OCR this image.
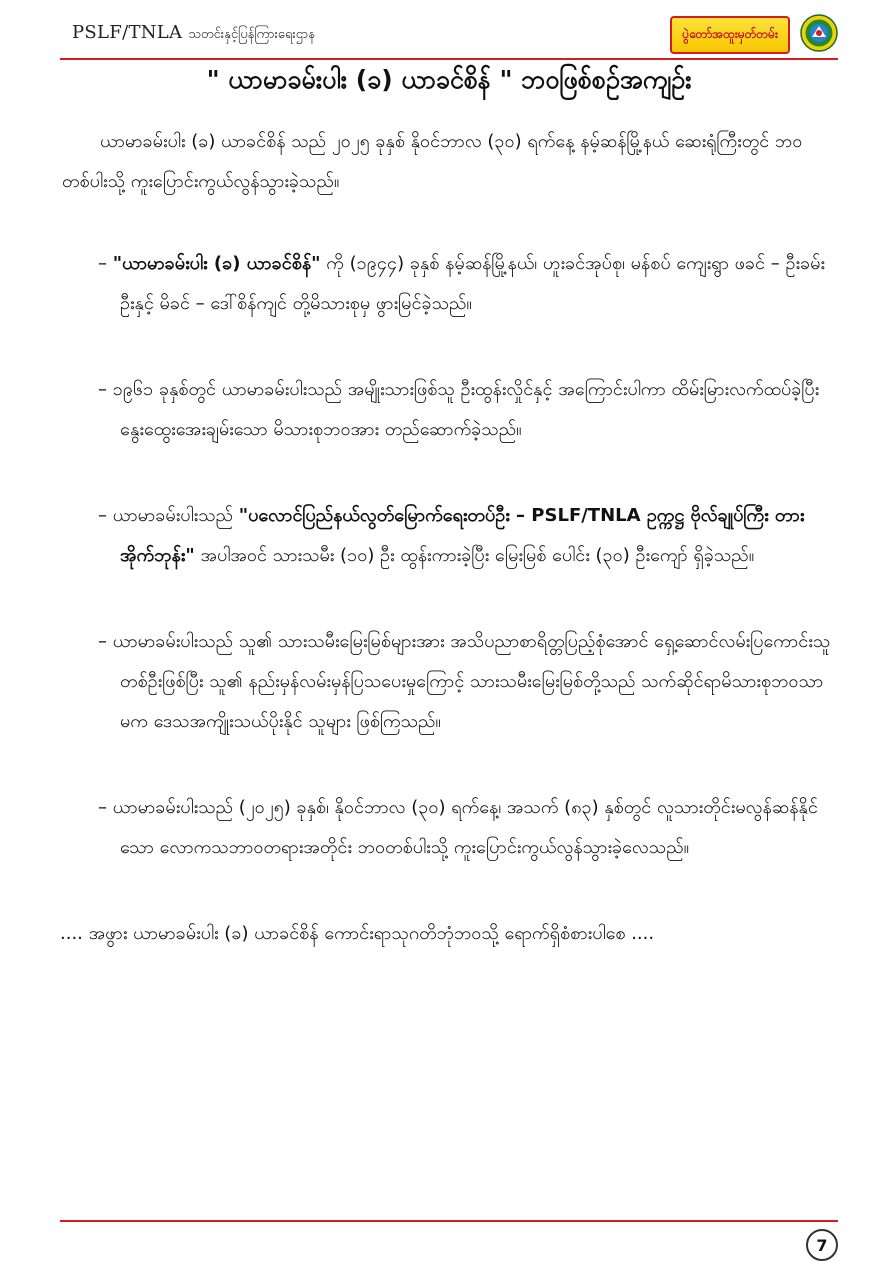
PSLF/TNLA သတင်းနှင့်ပြန်ကြားရေးဌာန	ပွဲတော်အထူးမှတ်တမ်း
" ယာမာခမ်းပါး (ခ) ယာခင်စိန် " ဘဝဖြစ်စဉ်အကျဉ်း

ယာမာခမ်းပါး (ခ) ယာခင်စိန် သည် ၂၀၂၅ ခုနှစ် နိုဝင်ဘာလ (၃၀) ရက်နေ့ နမ့်ဆန်မြို့နယ် ဆေးရုံကြီးတွင် ဘဝတစ်ပါးသို့ ကူးပြောင်းကွယ်လွန်သွားခဲ့သည်။

– "ယာမာခမ်းပါး (ခ) ယာခင်စိန်" ကို (၁၉၄၄) ခုနှစ် နမ့်ဆန်မြို့နယ်၊ ဟူးခင်အုပ်စု၊ မန်စပ် ကျေးရွာ ဖခင် – ဦးခမ်းဦးနှင့် မိခင် – ဒေါ်စိန်ကျင် တို့မိသားစုမှ ဖွားမြင်ခဲ့သည်။

– ၁၉၆၁ ခုနှစ်တွင် ယာမာခမ်းပါးသည် အမျိုးသားဖြစ်သူ ဦးထွန်းလှိုင်နှင့် အကြောင်းပါကာ ထိမ်းမြားလက်ထပ်ခဲ့ပြီး နွေးထွေးအေးချမ်းသော မိသားစုဘဝအား တည်ဆောက်ခဲ့သည်။

– ယာမာခမ်းပါးသည် "ပလောင်ပြည်နယ်လွတ်မြောက်ရေးတပ်ဦး – PSLF/TNLA ဥက္ကဋ္ဌ ဗိုလ်ချုပ်ကြီး တားအိုက်ဘုန်း" အပါအဝင် သားသမီး (၁၀) ဦး ထွန်းကားခဲ့ပြီး မြေးမြစ် ပေါင်း (၃၀) ဦးကျော် ရှိခဲ့သည်။

– ယာမာခမ်းပါးသည် သူ၏ သားသမီးမြေးမြစ်များအား အသိပညာစာရိတ္တပြည့်စုံအောင် ရှေ့ဆောင်လမ်းပြကောင်းသူတစ်ဦးဖြစ်ပြီး သူ၏ နည်းမှန်လမ်းမှန်ပြသပေးမှုကြောင့် သားသမီးမြေးမြစ်တို့သည် သက်ဆိုင်ရာမိသားစုဘဝသာမက ဒေသအကျိုးသယ်ပိုးနိုင် သူများ ဖြစ်ကြသည်။

– ယာမာခမ်းပါးသည် (၂၀၂၅) ခုနှစ်၊ နိုဝင်ဘာလ (၃၀) ရက်နေ့၊ အသက် (၈၃) နှစ်တွင် လူသားတိုင်းမလွန်ဆန်နိုင်သော လောကသဘာဝတရားအတိုင်း ဘဝတစ်ပါးသို့ ကူးပြောင်းကွယ်လွန်သွားခဲ့လေသည်။

.... အဖွား ယာမာခမ်းပါး (ခ) ယာခင်စိန် ကောင်းရာသုဂတိဘုံဘဝသို့ ရောက်ရှိစံစားပါစေ ....
7
